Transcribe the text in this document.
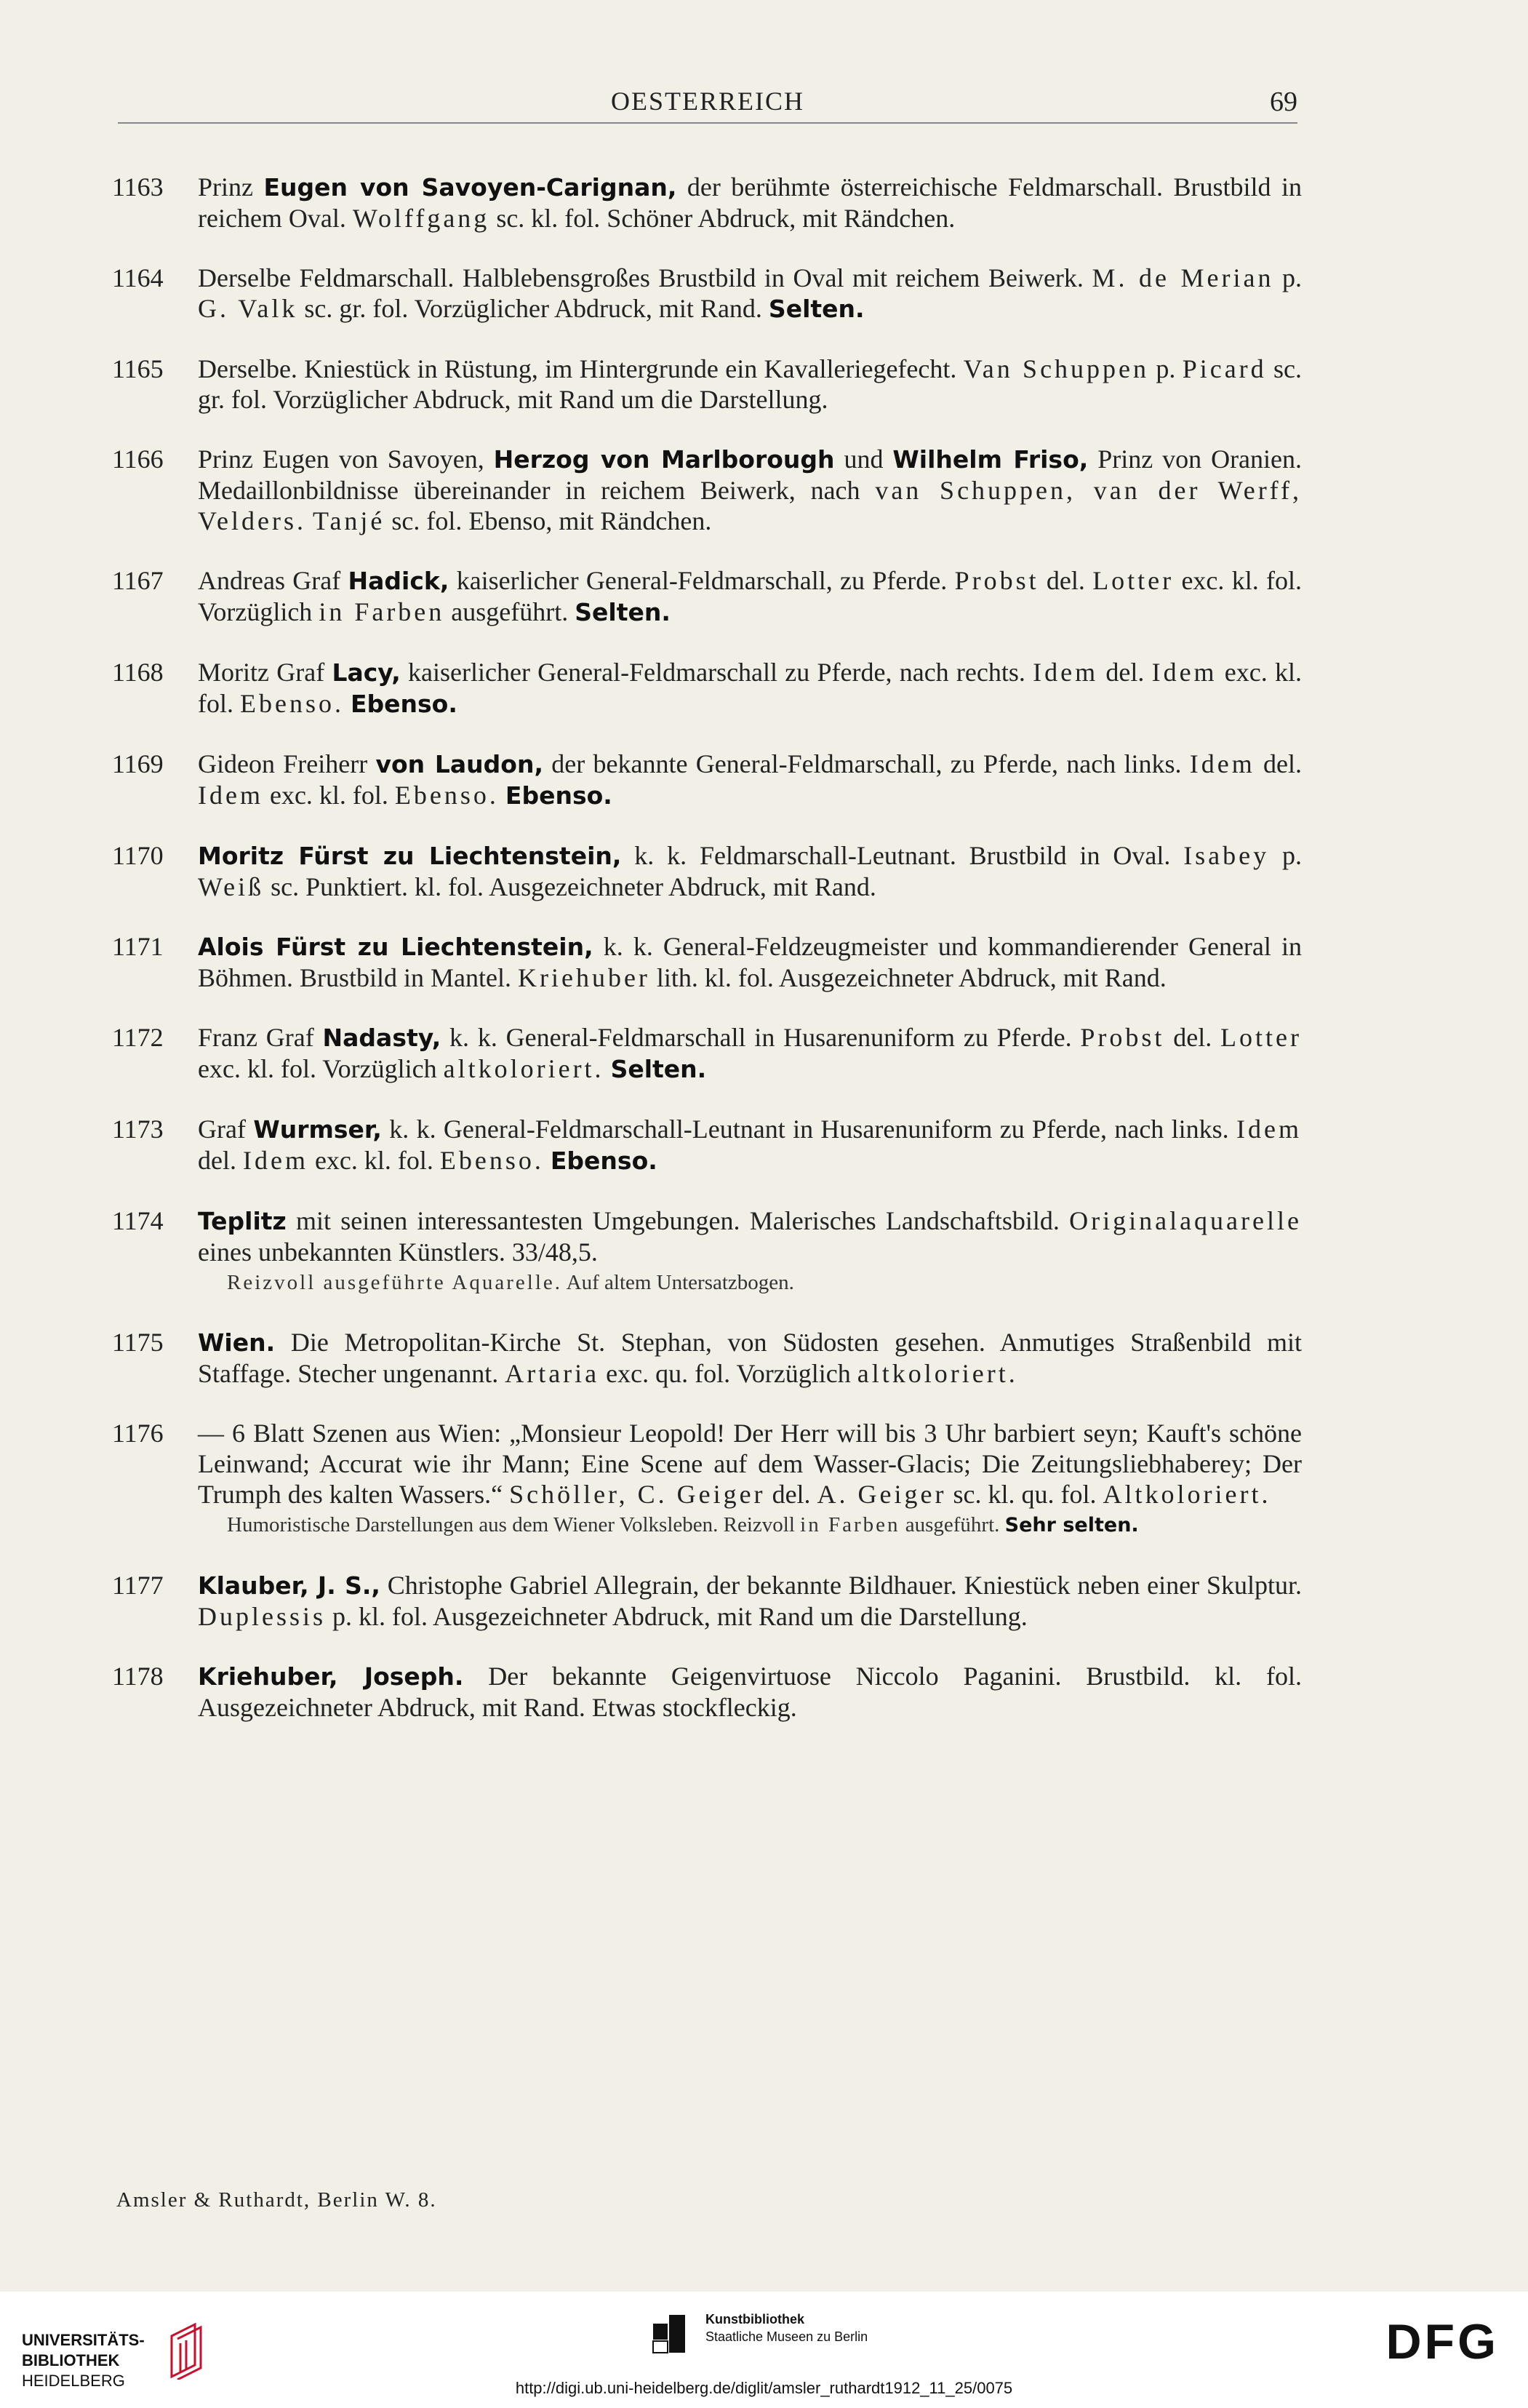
OESTERREICH	69
1163	Prinz Eugen von Savoyen-Carignan, der berühmte österreichische Feldmarschall. Brustbild in reichem Oval. Wolffgang sc. kl. fol. Schöner Abdruck, mit Rändchen.
1164	Derselbe Feldmarschall. Halblebensgroßes Brustbild in Oval mit reichem Beiwerk. M. de Merian p. G. Valk sc. gr. fol. Vorzüglicher Abdruck, mit Rand. Selten.
1165	Derselbe. Kniestück in Rüstung, im Hintergrunde ein Kavalleriegefecht. Van Schuppen p. Picard sc. gr. fol. Vorzüglicher Abdruck, mit Rand um die Darstellung.
1166	Prinz Eugen von Savoyen, Herzog von Marlborough und Wilhelm Friso, Prinz von Oranien. Medaillonbildnisse übereinander in reichem Beiwerk, nach van Schuppen, van der Werff, Velders. Tanjé sc. fol. Ebenso, mit Rändchen.
1167	Andreas Graf Hadick, kaiserlicher General-Feldmarschall, zu Pferde. Probst del. Lotter exc. kl. fol. Vorzüglich in Farben ausgeführt. Selten.
1168	Moritz Graf Lacy, kaiserlicher General-Feldmarschall zu Pferde, nach rechts. Idem del. Idem exc. kl. fol. Ebenso. Ebenso.
1169	Gideon Freiherr von Laudon, der bekannte General-Feldmarschall, zu Pferde, nach links. Idem del. Idem exc. kl. fol. Ebenso. Ebenso.
1170	Moritz Fürst zu Liechtenstein, k. k. Feldmarschall-Leutnant. Brustbild in Oval. Isabey p. Weiß sc. Punktiert. kl. fol. Ausgezeichneter Abdruck, mit Rand.
1171	Alois Fürst zu Liechtenstein, k. k. General-Feldzeugmeister und kommandierender General in Böhmen. Brustbild in Mantel. Kriehuber lith. kl. fol. Ausgezeichneter Abdruck, mit Rand.
1172	Franz Graf Nadasty, k. k. General-Feldmarschall in Husarenuniform zu Pferde. Probst del. Lotter exc. kl. fol. Vorzüglich altkoloriert. Selten.
1173	Graf Wurmser, k. k. General-Feldmarschall-Leutnant in Husarenuniform zu Pferde, nach links. Idem del. Idem exc. kl. fol. Ebenso. Ebenso.
1174	Teplitz mit seinen interessantesten Umgebungen. Malerisches Landschaftsbild. Originalaquarelle eines unbekannten Künstlers. 33/48,5.
Reizvoll ausgeführte Aquarelle. Auf altem Untersatzbogen.
1175	Wien. Die Metropolitan-Kirche St. Stephan, von Südosten gesehen. Anmutiges Straßenbild mit Staffage. Stecher ungenannt. Artaria exc. qu. fol. Vorzüglich altkoloriert.
1176	— 6 Blatt Szenen aus Wien: „Monsieur Leopold! Der Herr will bis 3 Uhr barbiert seyn; Kauft's schöne Leinwand; Accurat wie ihr Mann; Eine Scene auf dem Wasser-Glacis; Die Zeitungsliebhaberey; Der Trumph des kalten Wassers.“ Schöller, C. Geiger del. A. Geiger sc. kl. qu. fol. Altkoloriert.
Humoristische Darstellungen aus dem Wiener Volksleben. Reizvoll in Farben ausgeführt. Sehr selten.
1177	Klauber, J. S., Christophe Gabriel Allegrain, der bekannte Bildhauer. Kniestück neben einer Skulptur. Duplessis p. kl. fol. Ausgezeichneter Abdruck, mit Rand um die Darstellung.
1178	Kriehuber, Joseph. Der bekannte Geigenvirtuose Niccolo Paganini. Brustbild. kl. fol. Ausgezeichneter Abdruck, mit Rand. Etwas stockfleckig.
Amsler & Ruthardt, Berlin W. 8.
UNIVERSITÄTS-
BIBLIOTHEK
HEIDELBERG
Kunstbibliothek
Staatliche Museen zu Berlin	DFG
http://digi.ub.uni-heidelberg.de/diglit/amsler_ruthardt1912_11_25/0075
